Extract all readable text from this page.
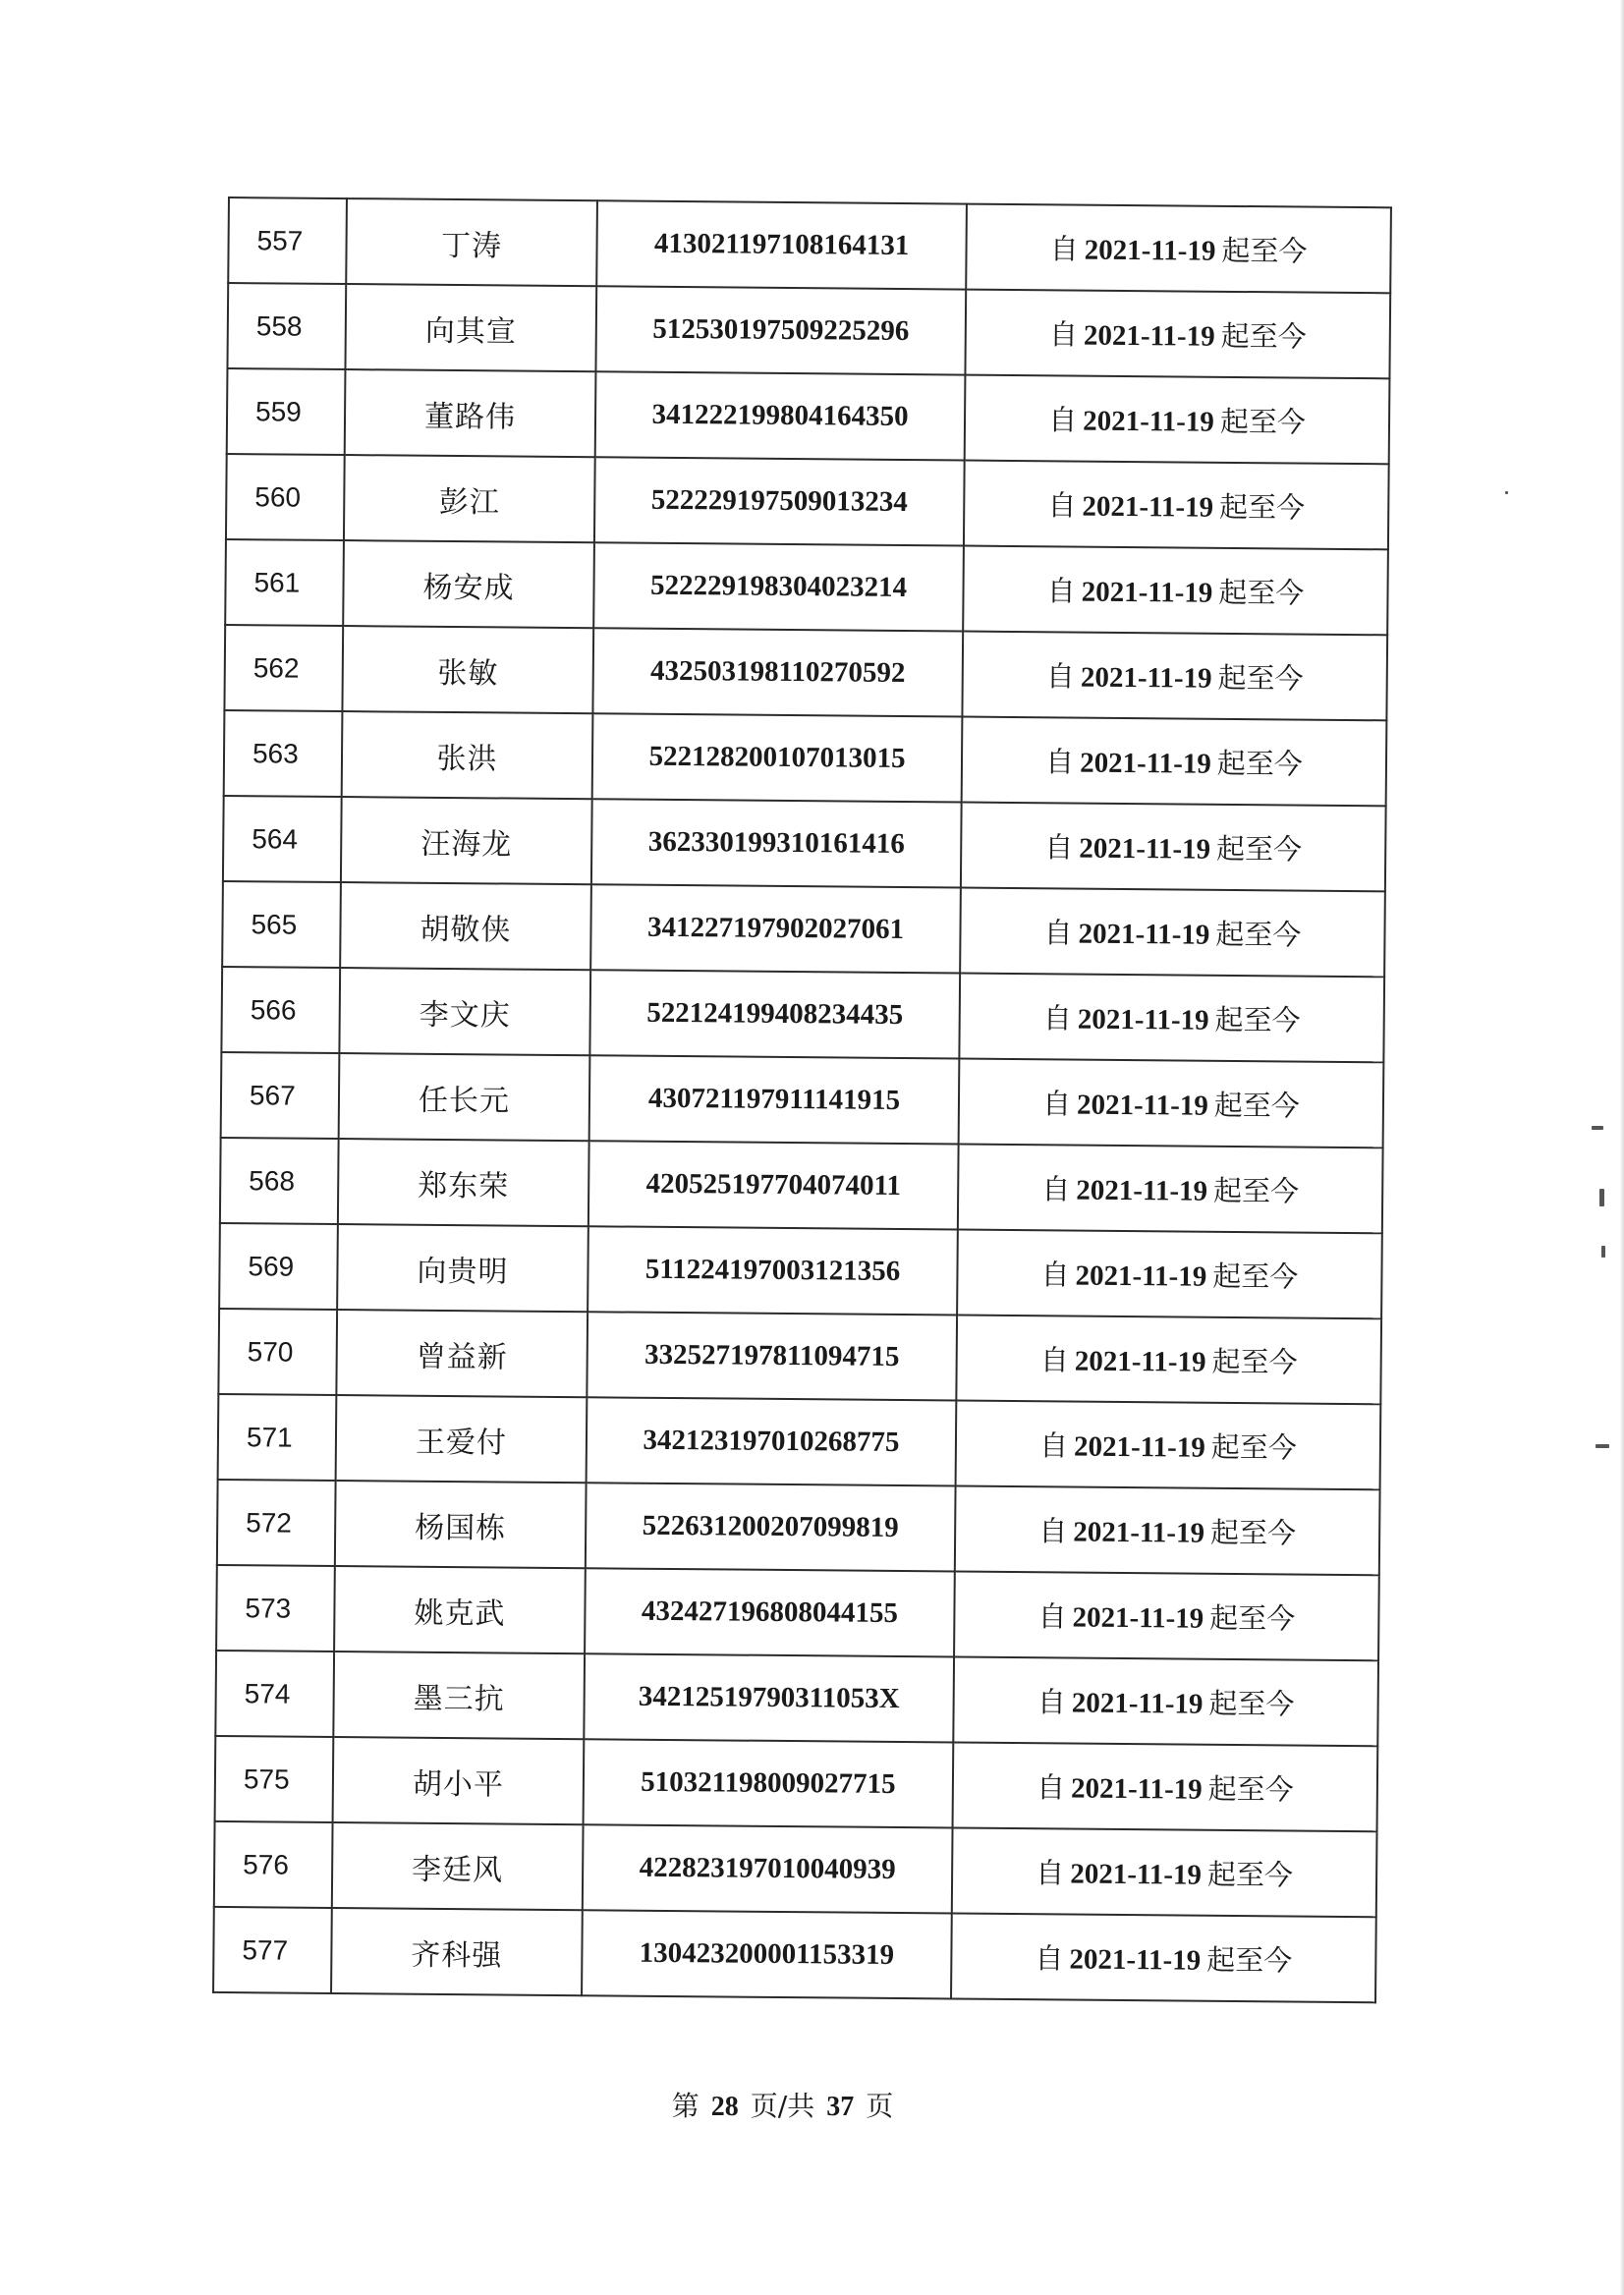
557	丁涛	413021197108164131	自 2021-11-19 起至今
558	向其宣	512530197509225296	自 2021-11-19 起至今
559	董路伟	341222199804164350	自 2021-11-19 起至今
560	彭江	522229197509013234	自 2021-11-19 起至今
561	杨安成	522229198304023214	自 2021-11-19 起至今
562	张敏	432503198110270592	自 2021-11-19 起至今
563	张洪	522128200107013015	自 2021-11-19 起至今
564	汪海龙	362330199310161416	自 2021-11-19 起至今
565	胡敬侠	341227197902027061	自 2021-11-19 起至今
566	李文庆	522124199408234435	自 2021-11-19 起至今
567	任长元	430721197911141915	自 2021-11-19 起至今
568	郑东荣	420525197704074011	自 2021-11-19 起至今
569	向贵明	511224197003121356	自 2021-11-19 起至今
570	曾益新	332527197811094715	自 2021-11-19 起至今
571	王爱付	342123197010268775	自 2021-11-19 起至今
572	杨国栋	522631200207099819	自 2021-11-19 起至今
573	姚克武	432427196808044155	自 2021-11-19 起至今
574	墨三抗	34212519790311053X	自 2021-11-19 起至今
575	胡小平	510321198009027715	自 2021-11-19 起至今
576	李廷风	422823197010040939	自 2021-11-19 起至今
577	齐科强	130423200001153319	自 2021-11-19 起至今
第 28 页/共 37 页
